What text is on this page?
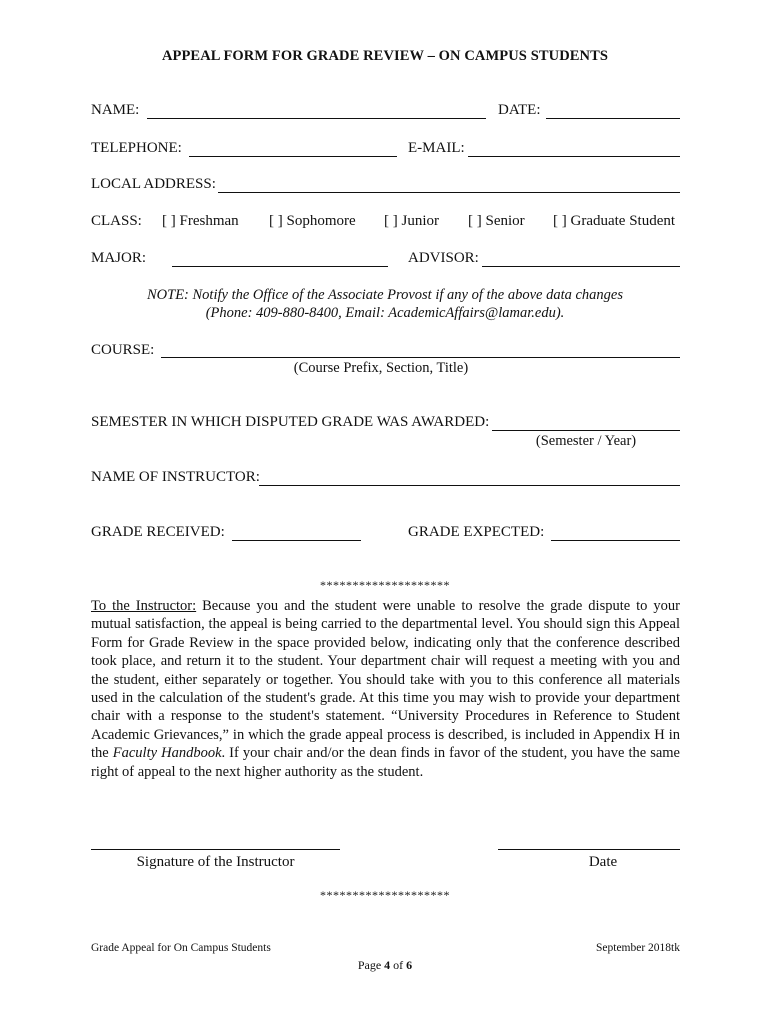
APPEAL FORM FOR GRADE REVIEW – ON CAMPUS STUDENTS
NAME:	DATE:
TELEPHONE:	E-MAIL:
LOCAL ADDRESS:
CLASS: [ ] Freshman [ ] Sophomore [ ] Junior [ ] Senior [ ] Graduate Student
MAJOR:	ADVISOR:
NOTE: Notify the Office of the Associate Provost if any of the above data changes
(Phone: 409-880-8400, Email: AcademicAffairs@lamar.edu).
COURSE:
(Course Prefix, Section, Title)
SEMESTER IN WHICH DISPUTED GRADE WAS AWARDED:
(Semester / Year)
NAME OF INSTRUCTOR:
GRADE RECEIVED:	GRADE EXPECTED:
********************
To the Instructor: Because you and the student were unable to resolve the grade dispute to your mutual satisfaction, the appeal is being carried to the departmental level. You should sign this Appeal Form for Grade Review in the space provided below, indicating only that the conference described took place, and return it to the student. Your department chair will request a meeting with you and the student, either separately or together. You should take with you to this conference all materials used in the calculation of the student's grade. At this time you may wish to provide your department chair with a response to the student's statement. “University Procedures in Reference to Student Academic Grievances,” in which the grade appeal process is described, is included in Appendix H in the Faculty Handbook. If your chair and/or the dean finds in favor of the student, you have the same right of appeal to the next higher authority as the student.
Signature of the Instructor	Date
********************
Grade Appeal for On Campus Students	September 2018tk
Page 4 of 6
